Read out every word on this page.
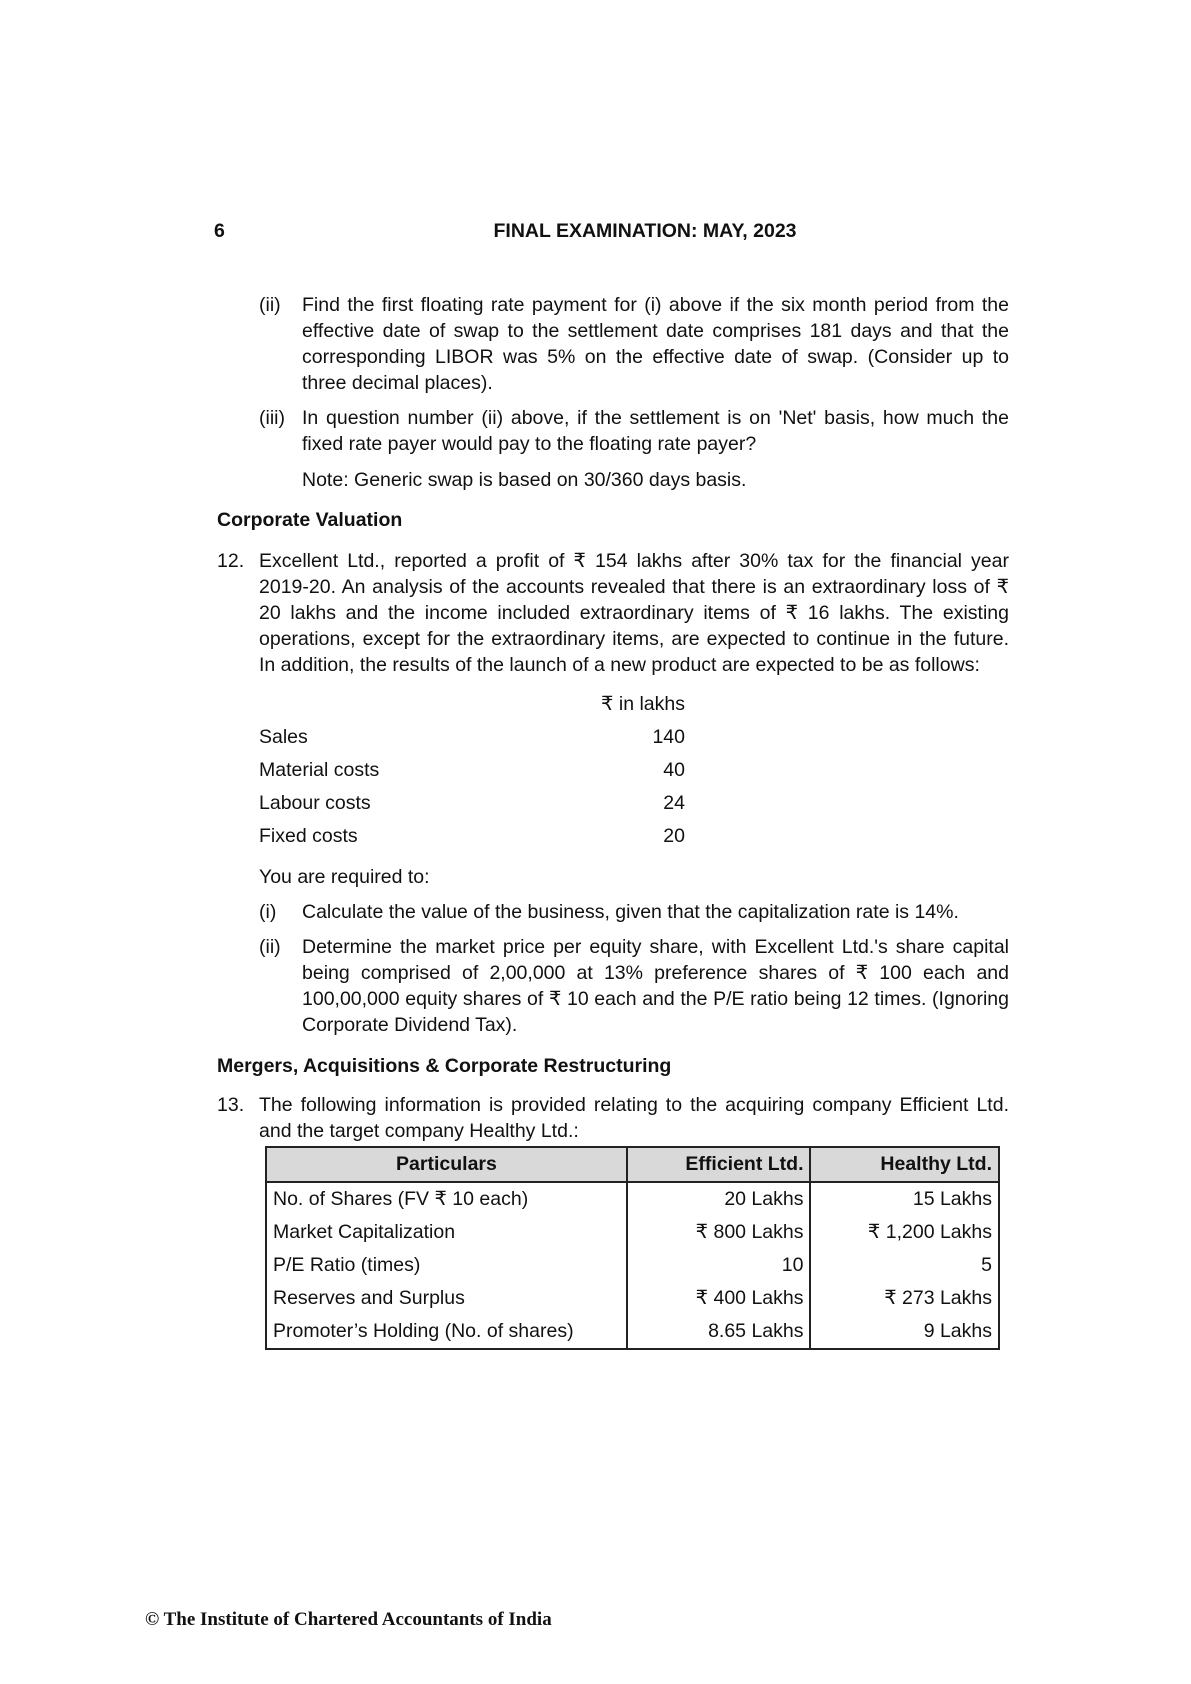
6	FINAL EXAMINATION: MAY, 2023
(ii) Find the first floating rate payment for (i) above if the six month period from the effective date of swap to the settlement date comprises 181 days and that the corresponding LIBOR was 5% on the effective date of swap. (Consider up to three decimal places).
(iii) In question number (ii) above, if the settlement is on 'Net' basis, how much the fixed rate payer would pay to the floating rate payer?
Note: Generic swap is based on 30/360 days basis.
Corporate Valuation
12. Excellent Ltd., reported a profit of ₹ 154 lakhs after 30% tax for the financial year 2019-20. An analysis of the accounts revealed that there is an extraordinary loss of ₹ 20 lakhs and the income included extraordinary items of ₹ 16 lakhs. The existing operations, except for the extraordinary items, are expected to continue in the future. In addition, the results of the launch of a new product are expected to be as follows:
₹ in lakhs
Sales	140
Material costs	40
Labour costs	24
Fixed costs	20
You are required to:
(i) Calculate the value of the business, given that the capitalization rate is 14%.
(ii) Determine the market price per equity share, with Excellent Ltd.'s share capital being comprised of 2,00,000 at 13% preference shares of ₹ 100 each and 100,00,000 equity shares of ₹ 10 each and the P/E ratio being 12 times. (Ignoring Corporate Dividend Tax).
Mergers, Acquisitions & Corporate Restructuring
13. The following information is provided relating to the acquiring company Efficient Ltd. and the target company Healthy Ltd.:
Particulars	Efficient Ltd.	Healthy Ltd.
No. of Shares (FV ₹ 10 each)	20 Lakhs	15 Lakhs
Market Capitalization	₹ 800 Lakhs	₹ 1,200 Lakhs
P/E Ratio (times)	10	5
Reserves and Surplus	₹ 400 Lakhs	₹ 273 Lakhs
Promoter’s Holding (No. of shares)	8.65 Lakhs	9 Lakhs
© The Institute of Chartered Accountants of India
